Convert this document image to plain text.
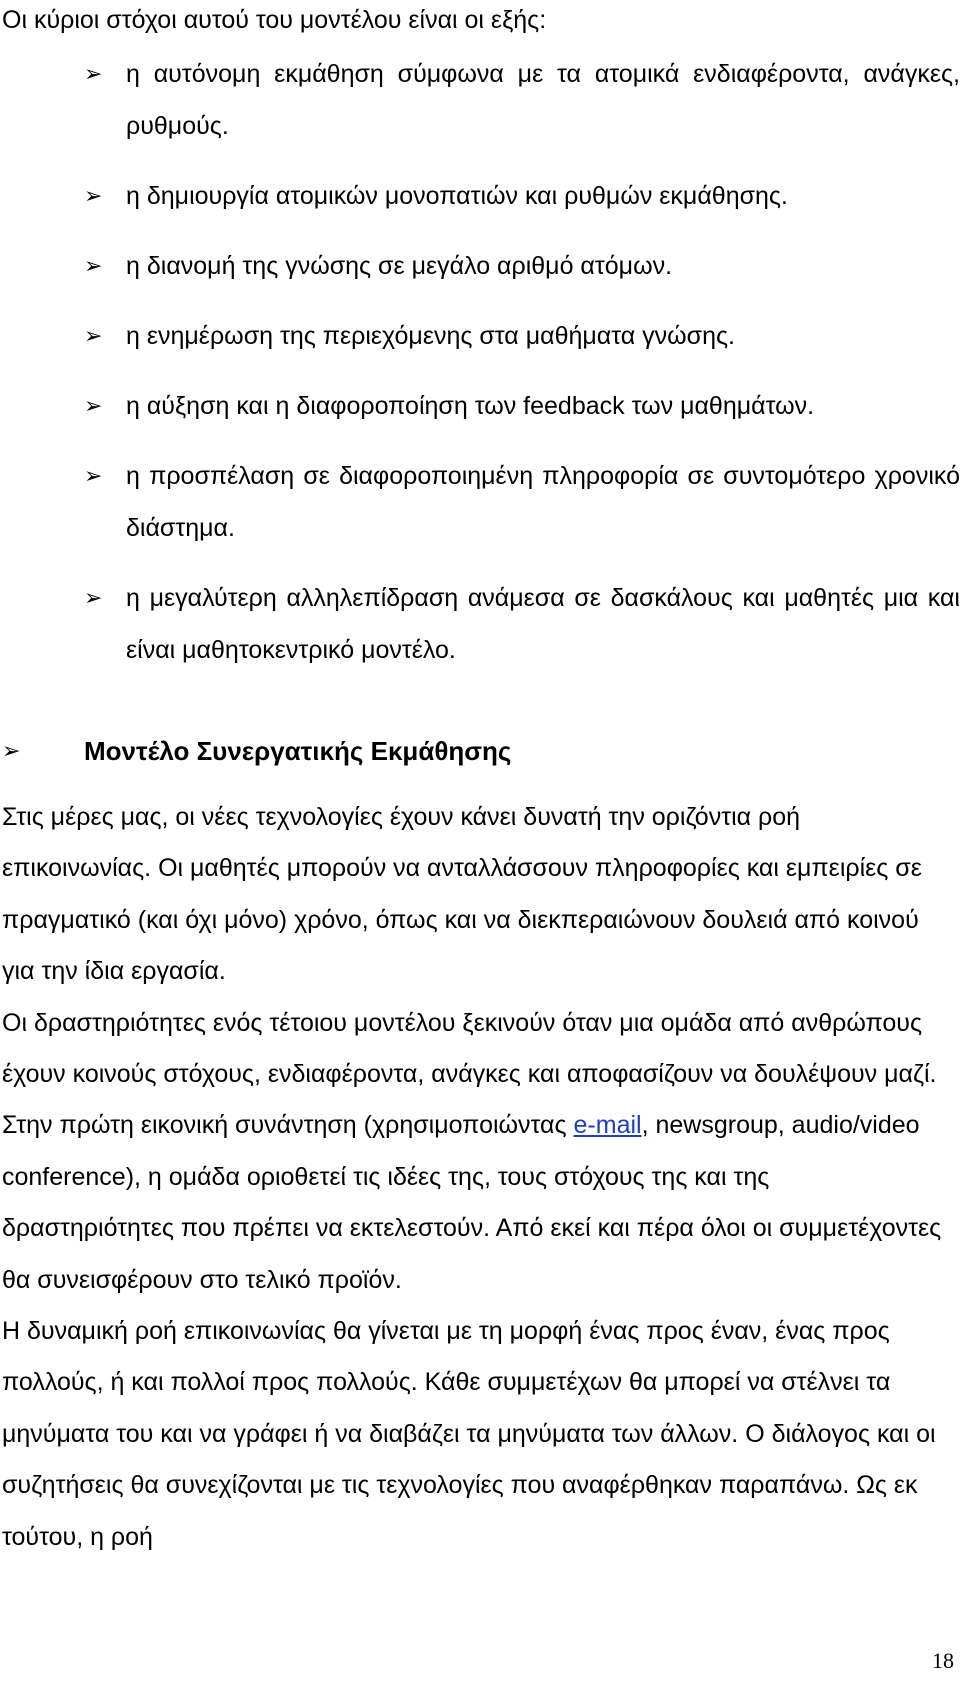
Οι κύριοι στόχοι αυτού του μοντέλου είναι οι εξής:
➢ η αυτόνομη εκμάθηση σύμφωνα με τα ατομικά ενδιαφέροντα, ανάγκες, ρυθμούς.
➢ η δημιουργία ατομικών μονοπατιών και ρυθμών εκμάθησης.
➢ η διανομή της γνώσης σε μεγάλο αριθμό ατόμων.
➢ η ενημέρωση της περιεχόμενης στα μαθήματα γνώσης.
➢ η αύξηση και η διαφοροποίηση των feedback των μαθημάτων.
➢ η προσπέλαση σε διαφοροποιημένη πληροφορία σε συντομότερο χρονικό διάστημα.
➢ η μεγαλύτερη αλληλεπίδραση ανάμεσα σε δασκάλους και μαθητές μια και είναι μαθητοκεντρικό μοντέλο.
➢ Μοντέλο Συνεργατικής Εκμάθησης

Στις μέρες μας, οι νέες τεχνολογίες έχουν κάνει δυνατή την οριζόντια ροή επικοινωνίας. Οι μαθητές μπορούν να ανταλλάσσουν πληροφορίες και εμπειρίες σε πραγματικό (και όχι μόνο) χρόνο, όπως και να διεκπεραιώνουν δουλειά από κοινού για την ίδια εργασία.

Οι δραστηριότητες ενός τέτοιου μοντέλου ξεκινούν όταν μια ομάδα από ανθρώπους έχουν κοινούς στόχους, ενδιαφέροντα, ανάγκες και αποφασίζουν να δουλέψουν μαζί. Στην πρώτη εικονική συνάντηση (χρησιμοποιώντας e-mail, newsgroup, audio/video conference), η ομάδα οριοθετεί τις ιδέες της, τους στόχους της και της δραστηριότητες που πρέπει να εκτελεστούν. Από εκεί και πέρα όλοι οι συμμετέχοντες θα συνεισφέρουν στο τελικό προϊόν.

Η δυναμική ροή επικοινωνίας θα γίνεται με τη μορφή ένας προς έναν, ένας προς πολλούς, ή και πολλοί προς πολλούς. Κάθε συμμετέχων θα μπορεί να στέλνει τα μηνύματα του και να γράφει ή να διαβάζει τα μηνύματα των άλλων. Ο διάλογος και οι συζητήσεις θα συνεχίζονται με τις τεχνολογίες που αναφέρθηκαν παραπάνω. Ως εκ τούτου, η ροή

18
